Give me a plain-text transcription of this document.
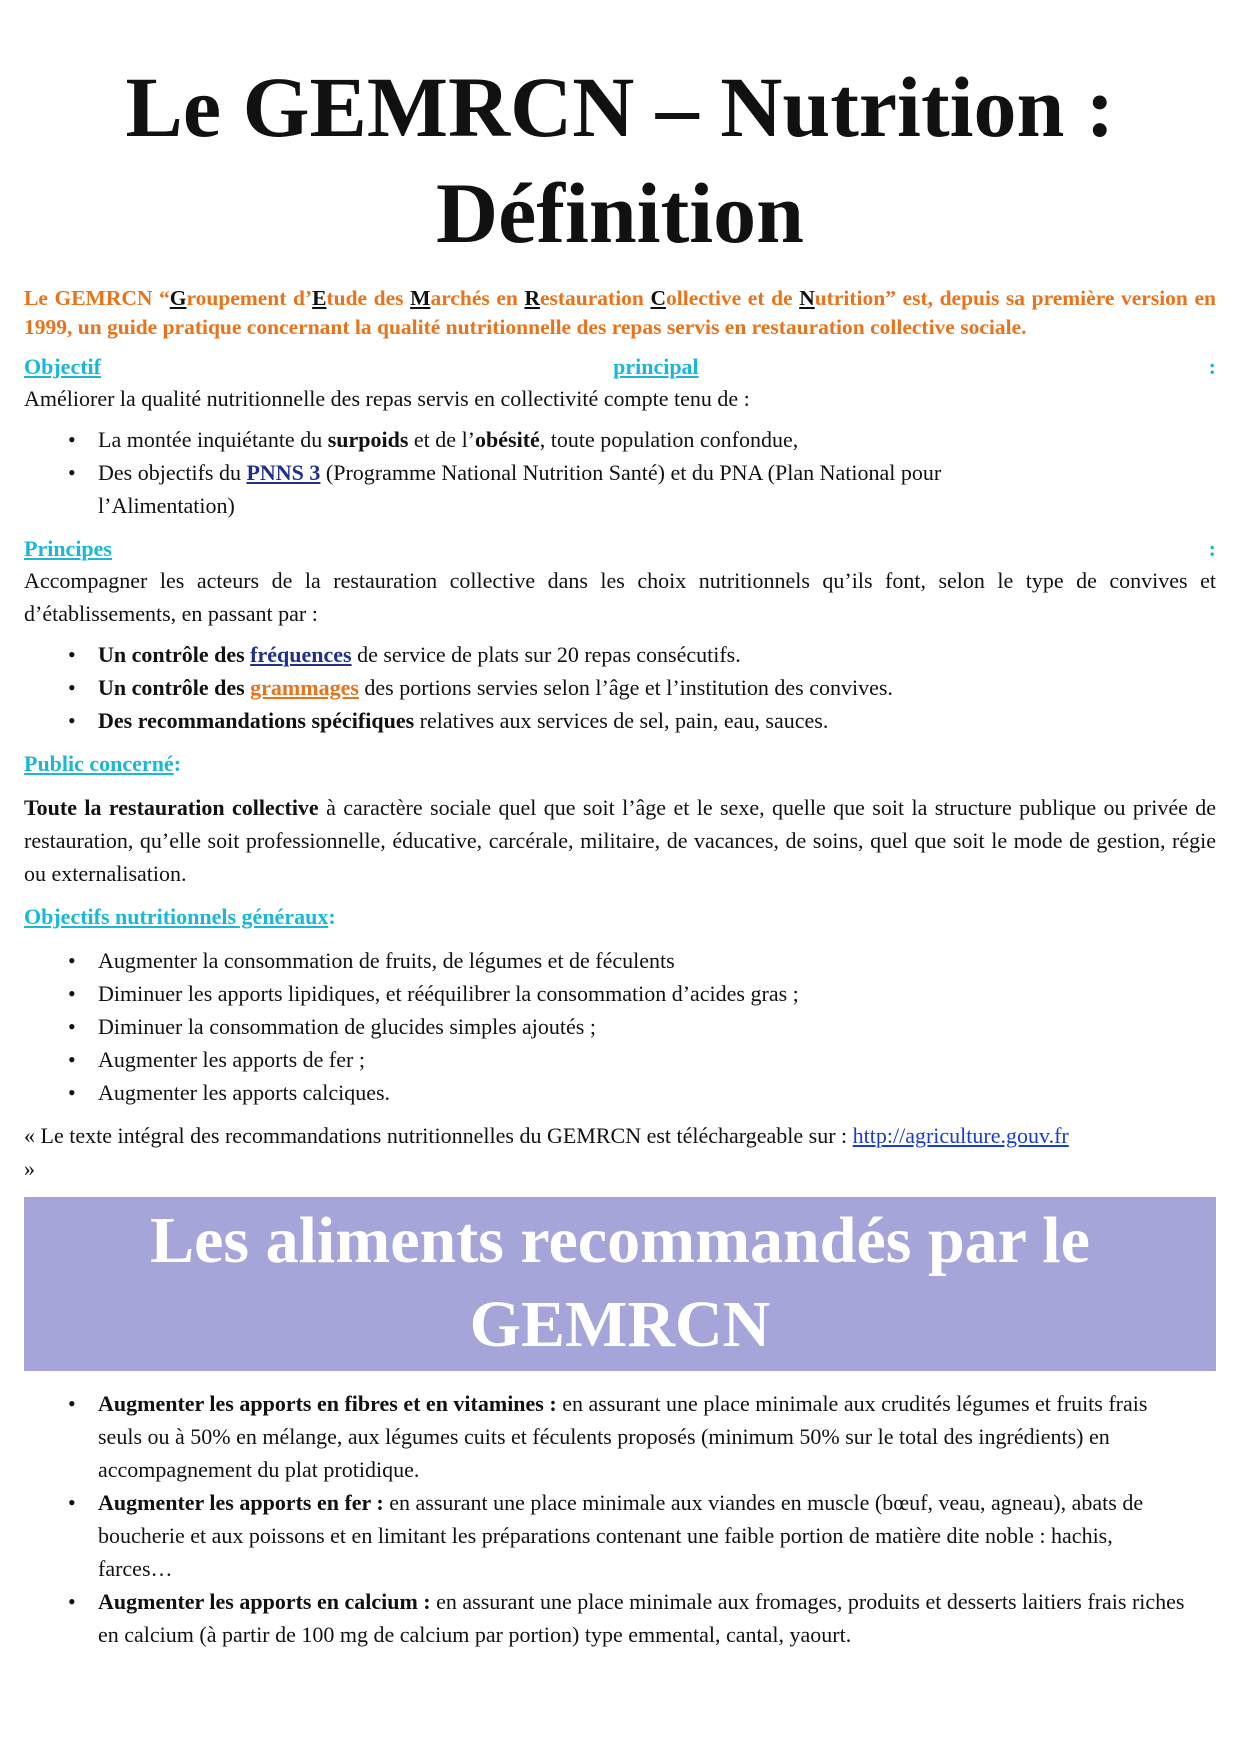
Le GEMRCN – Nutrition :
Définition

Le GEMRCN “Groupement d’Etude des Marchés en Restauration Collective et de Nutrition” est, depuis sa première version en 1999, un guide pratique concernant la qualité nutritionnelle des repas servis en restauration collective sociale.

Objectif	principal	:

Améliorer la qualité nutritionnelle des repas servis en collectivité compte tenu de :

• La montée inquiétante du surpoids et de l’obésité, toute population confondue,
• Des objectifs du PNNS 3 (Programme National Nutrition Santé) et du PNA (Plan National pour l’Alimentation)
Principes	:

Accompagner les acteurs de la restauration collective dans les choix nutritionnels qu’ils font, selon le type de convives et d’établissements, en passant par :

• Un contrôle des fréquences de service de plats sur 20 repas consécutifs.
• Un contrôle des grammages des portions servies selon l’âge et l’institution des convives.
• Des recommandations spécifiques relatives aux services de sel, pain, eau, sauces.
Public concerné :

Toute la restauration collective à caractère sociale quel que soit l’âge et le sexe, quelle que soit la structure publique ou privée de restauration, qu’elle soit professionnelle, éducative, carcérale, militaire, de vacances, de soins, quel que soit le mode de gestion, régie ou externalisation.

Objectifs nutritionnels généraux :
• Augmenter la consommation de fruits, de légumes et de féculents
• Diminuer les apports lipidiques, et rééquilibrer la consommation d’acides gras ;
• Diminuer la consommation de glucides simples ajoutés ;
• Augmenter les apports de fer ;
• Augmenter les apports calciques.

« Le texte intégral des recommandations nutritionnelles du GEMRCN est téléchargeable sur : http://agriculture.gouv.fr
»

Les aliments recommandés par le
GEMRCN
• Augmenter les apports en fibres et en vitamines : en assurant une place minimale aux crudités légumes et fruits frais seuls ou à 50% en mélange, aux légumes cuits et féculents proposés (minimum 50% sur le total des ingrédients) en accompagnement du plat protidique.
• Augmenter les apports en fer : en assurant une place minimale aux viandes en muscle (bœuf, veau, agneau), abats de boucherie et aux poissons et en limitant les préparations contenant une faible portion de matière dite noble : hachis, farces…
• Augmenter les apports en calcium : en assurant une place minimale aux fromages, produits et desserts laitiers frais riches en calcium (à partir de 100 mg de calcium par portion) type emmental, cantal, yaourt.
